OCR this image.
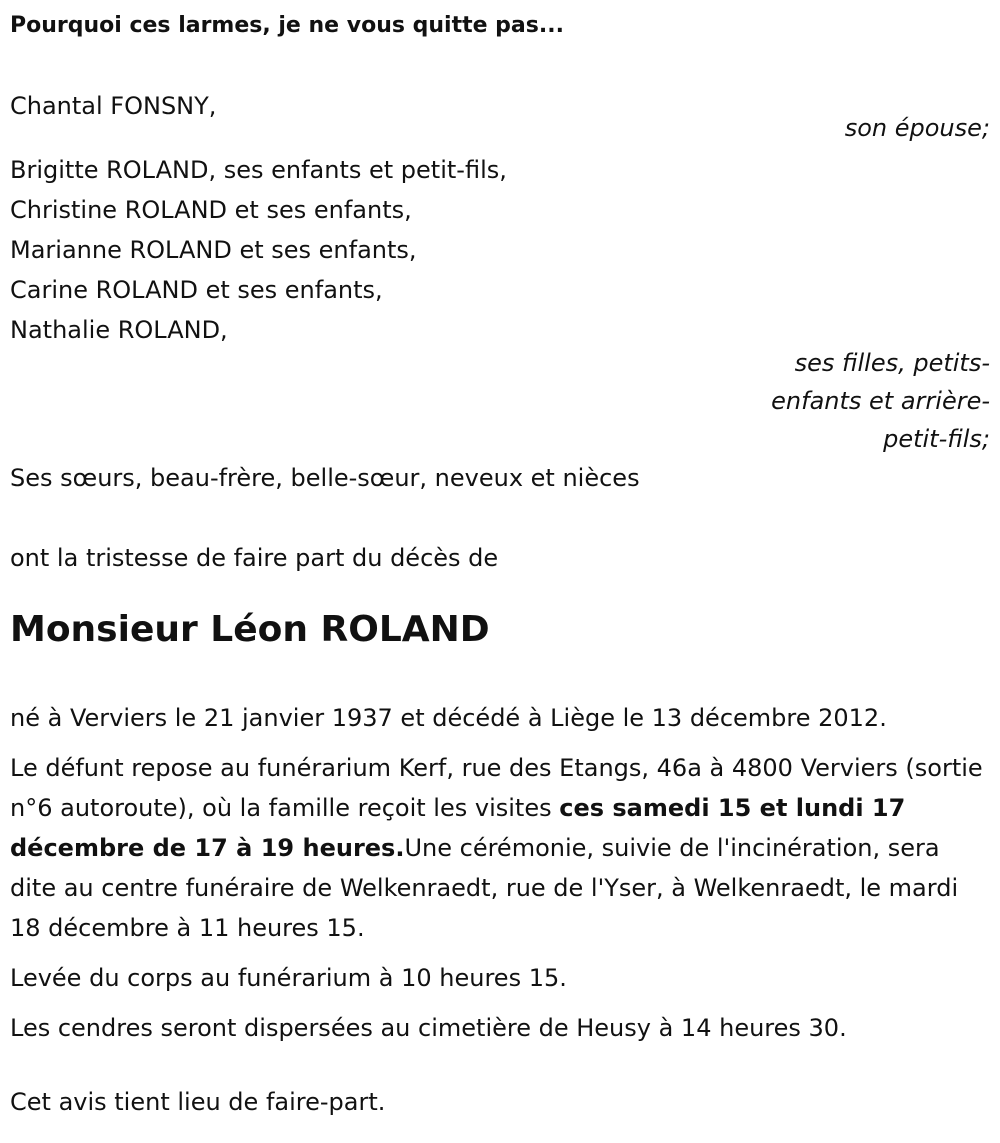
Pourquoi ces larmes, je ne vous quitte pas...

Chantal FONSNY,

son épouse;

Brigitte ROLAND, ses enfants et petit-fils,

Christine ROLAND et ses enfants,

Marianne ROLAND et ses enfants,

Carine ROLAND et ses enfants,

Nathalie ROLAND,

ses filles, petits-
enfants et arrière-
petit-fils;

Ses sœurs, beau-frère, belle-sœur, neveux et nièces

ont la tristesse de faire part du décès de

Monsieur Léon ROLAND

né à Verviers le 21 janvier 1937 et décédé à Liège le 13 décembre 2012.

Le défunt repose au funérarium Kerf, rue des Etangs, 46a à 4800 Verviers (sortie n°6 autoroute), où la famille reçoit les visites ces samedi 15 et lundi 17 décembre de 17 à 19 heures.Une cérémonie, suivie de l'incinération, sera dite au centre funéraire de Welkenraedt, rue de l'Yser, à Welkenraedt, le mardi 18 décembre à 11 heures 15.

Levée du corps au funérarium à 10 heures 15.

Les cendres seront dispersées au cimetière de Heusy à 14 heures 30.

Cet avis tient lieu de faire-part.
